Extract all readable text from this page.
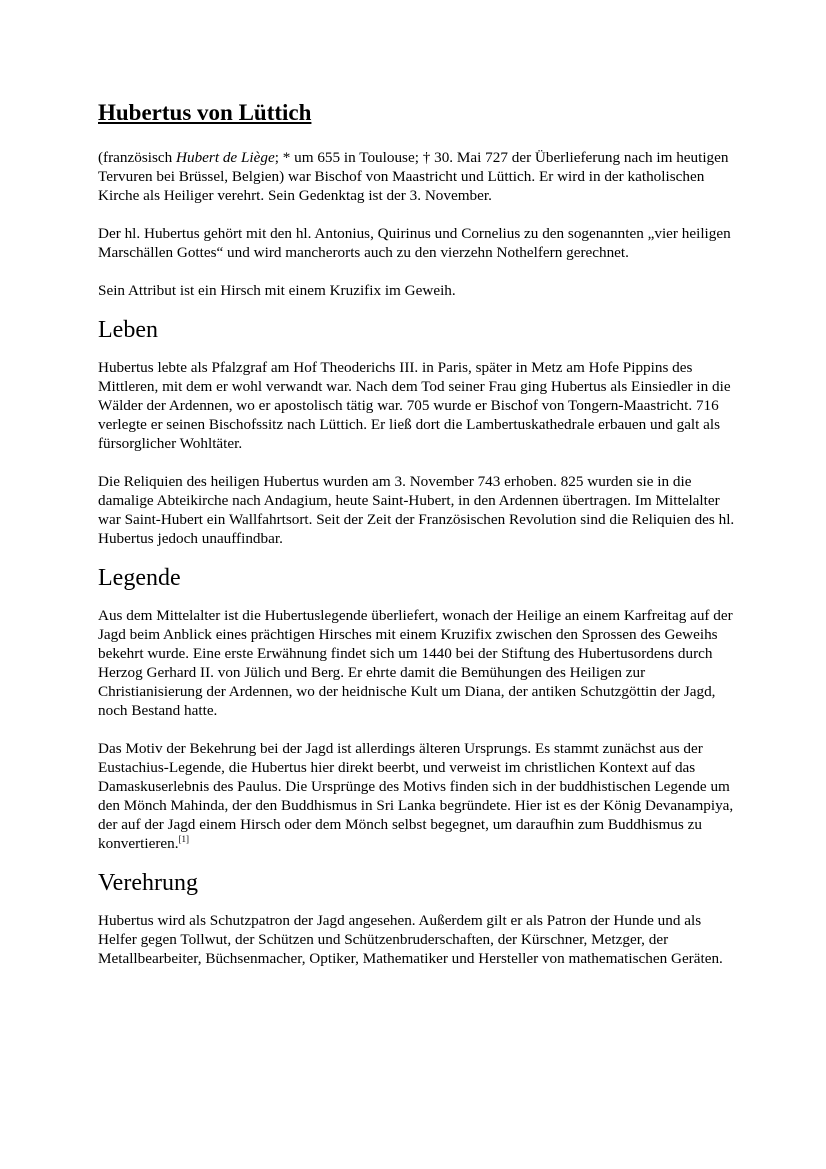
Hubertus von Lüttich

(französisch Hubert de Liège; * um 655 in Toulouse; † 30. Mai 727 der Überlieferung nach im heutigen Tervuren bei Brüssel, Belgien) war Bischof von Maastricht und Lüttich. Er wird in der katholischen Kirche als Heiliger verehrt. Sein Gedenktag ist der 3. November.

Der hl. Hubertus gehört mit den hl. Antonius, Quirinus und Cornelius zu den sogenannten „vier heiligen Marschällen Gottes“ und wird mancherorts auch zu den vierzehn Nothelfern gerechnet.

Sein Attribut ist ein Hirsch mit einem Kruzifix im Geweih.

Leben

Hubertus lebte als Pfalzgraf am Hof Theoderichs III. in Paris, später in Metz am Hofe Pippins des Mittleren, mit dem er wohl verwandt war. Nach dem Tod seiner Frau ging Hubertus als Einsiedler in die Wälder der Ardennen, wo er apostolisch tätig war. 705 wurde er Bischof von Tongern-Maastricht. 716 verlegte er seinen Bischofssitz nach Lüttich. Er ließ dort die Lambertuskathedrale erbauen und galt als fürsorglicher Wohltäter.

Die Reliquien des heiligen Hubertus wurden am 3. November 743 erhoben. 825 wurden sie in die damalige Abteikirche nach Andagium, heute Saint-Hubert, in den Ardennen übertragen. Im Mittelalter war Saint-Hubert ein Wallfahrtsort. Seit der Zeit der Französischen Revolution sind die Reliquien des hl. Hubertus jedoch unauffindbar.

Legende

Aus dem Mittelalter ist die Hubertuslegende überliefert, wonach der Heilige an einem Karfreitag auf der Jagd beim Anblick eines prächtigen Hirsches mit einem Kruzifix zwischen den Sprossen des Geweihs bekehrt wurde. Eine erste Erwähnung findet sich um 1440 bei der Stiftung des Hubertusordens durch Herzog Gerhard II. von Jülich und Berg. Er ehrte damit die Bemühungen des Heiligen zur Christianisierung der Ardennen, wo der heidnische Kult um Diana, der antiken Schutzgöttin der Jagd, noch Bestand hatte.

Das Motiv der Bekehrung bei der Jagd ist allerdings älteren Ursprungs. Es stammt zunächst aus der Eustachius-Legende, die Hubertus hier direkt beerbt, und verweist im christlichen Kontext auf das Damaskuserlebnis des Paulus. Die Ursprünge des Motivs finden sich in der buddhistischen Legende um den Mönch Mahinda, der den Buddhismus in Sri Lanka begründete. Hier ist es der König Devanampiya, der auf der Jagd einem Hirsch oder dem Mönch selbst begegnet, um daraufhin zum Buddhismus zu konvertieren.[1]

Verehrung

Hubertus wird als Schutzpatron der Jagd angesehen. Außerdem gilt er als Patron der Hunde und als Helfer gegen Tollwut, der Schützen und Schützenbruderschaften, der Kürschner, Metzger, der Metallbearbeiter, Büchsenmacher, Optiker, Mathematiker und Hersteller von mathematischen Geräten.
